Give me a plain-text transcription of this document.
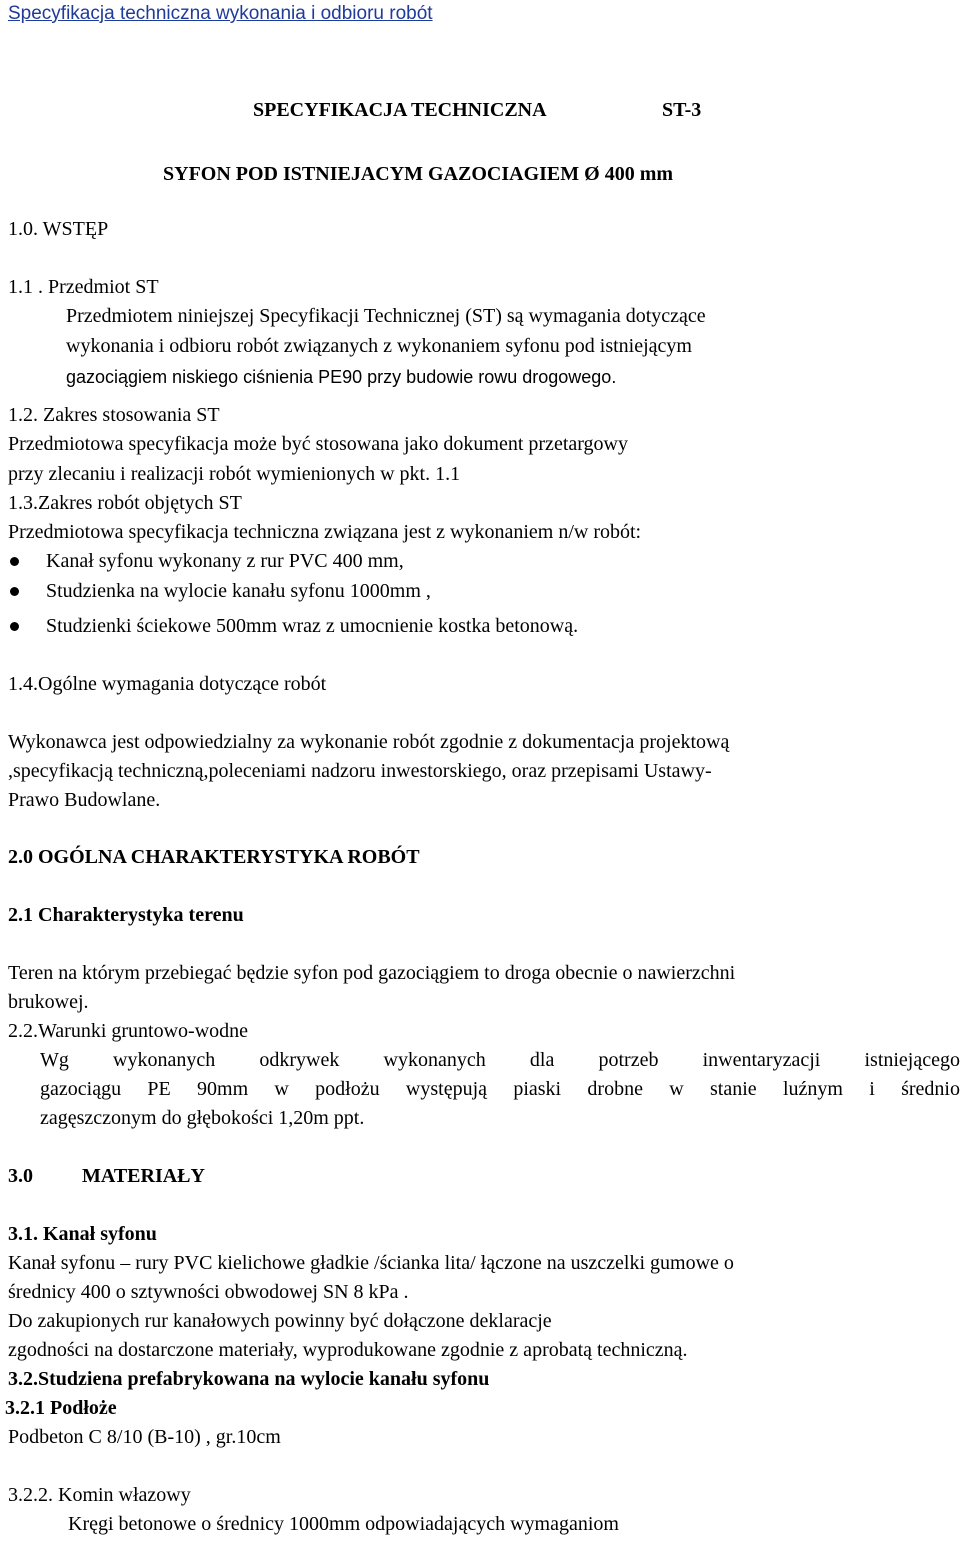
Specyfikacja techniczna wykonania i odbioru robót
SPECYFIKACJA TECHNICZNA	ST-3
SYFON POD ISTNIEJACYM GAZOCIAGIEM Ø 400 mm
1.0. WSTĘP
1.1 . Przedmiot ST
Przedmiotem niniejszej Specyfikacji Technicznej (ST) są wymagania dotyczące
wykonania i odbioru robót związanych z wykonaniem syfonu pod istniejącym
gazociągiem niskiego ciśnienia PE90 przy budowie rowu drogowego.
1.2. Zakres stosowania ST
Przedmiotowa specyfikacja może być stosowana jako dokument przetargowy
przy zlecaniu i realizacji robót wymienionych w pkt. 1.1
1.3.Zakres robót objętych ST
Przedmiotowa specyfikacja techniczna związana jest z wykonaniem n/w robót:
Kanał syfonu wykonany z rur PVC 400 mm,
Studzienka na wylocie kanału syfonu 1000mm ,
Studzienki ściekowe 500mm wraz z umocnienie kostka betonową.
1.4.Ogólne wymagania dotyczące robót
Wykonawca jest odpowiedzialny za wykonanie robót zgodnie z dokumentacja projektową
,specyfikacją techniczną,poleceniami nadzoru inwestorskiego, oraz przepisami Ustawy-
Prawo Budowlane.
2.0 OGÓLNA CHARAKTERYSTYKA ROBÓT
2.1 Charakterystyka terenu
Teren na którym przebiegać będzie syfon pod gazociągiem to droga obecnie o nawierzchni
brukowej.
2.2.Warunki gruntowo-wodne
Wg wykonanych odkrywek wykonanych dla potrzeb inwentaryzacji istniejącego
gazociągu PE 90mm w podłożu występują piaski drobne w stanie luźnym i średnio
zagęszczonym do głębokości 1,20m ppt.
3.0 MATERIAŁY
3.1. Kanał syfonu
Kanał syfonu – rury PVC kielichowe gładkie /ścianka lita/ łączone na uszczelki gumowe o
średnicy 400 o sztywności obwodowej SN 8 kPa .
Do zakupionych rur kanałowych powinny być dołączone deklaracje
zgodności na dostarczone materiały, wyprodukowane zgodnie z aprobatą techniczną.
3.2.Studziena prefabrykowana na wylocie kanału syfonu
3.2.1 Podłoże
Podbeton C 8/10 (B-10) , gr.10cm
3.2.2. Komin włazowy
Kręgi betonowe o średnicy 1000mm odpowiadających wymaganiom
